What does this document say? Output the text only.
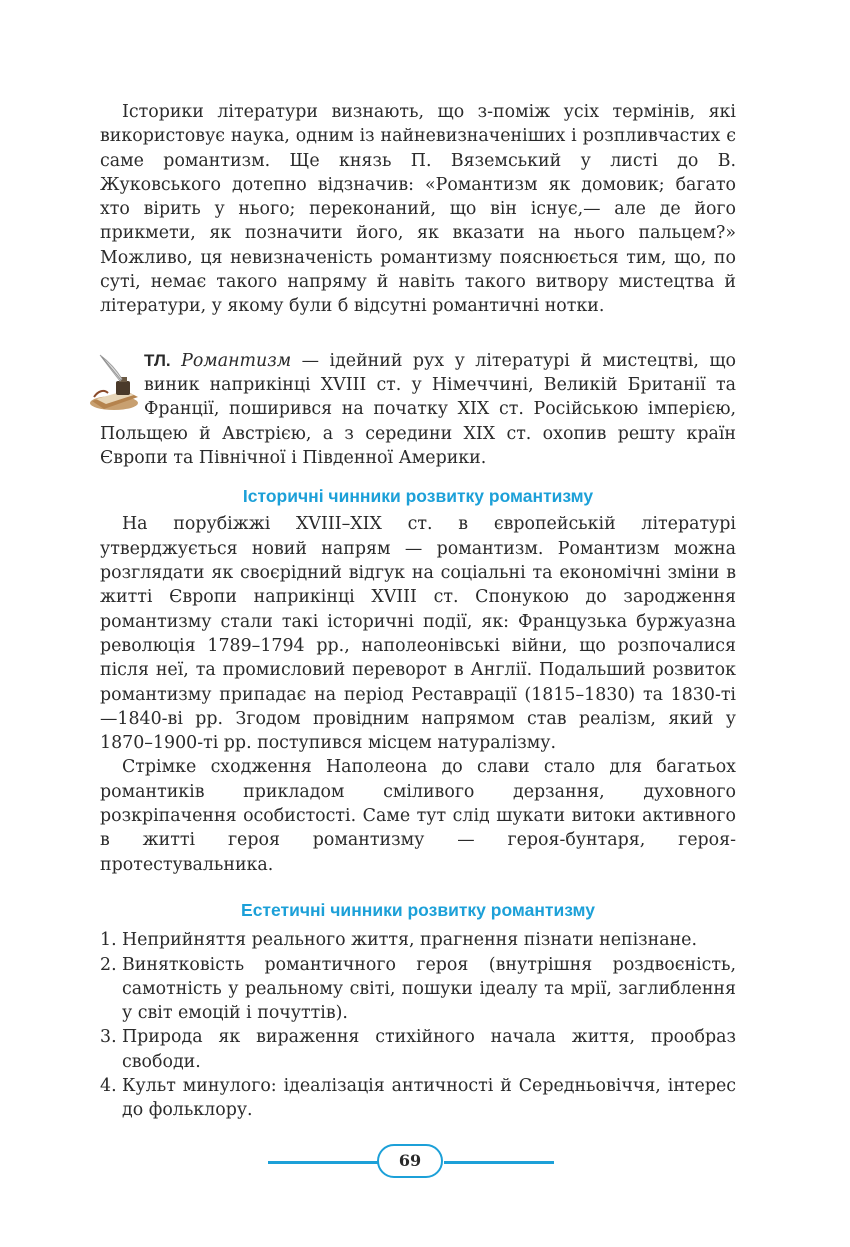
Історики літератури визнають, що з-поміж усіх термінів, які використовує наука, одним із найневизначеніших і розпливчастих є саме романтизм. Ще князь П. Вяземський у листі до В. Жуковського дотепно відзначив: «Романтизм як домовик; багато хто вірить у нього; переконаний, що він існує,— але де його прикмети, як позначити його, як вказати на нього пальцем?» Можливо, ця невизначеність романтизму пояснюється тим, що, по суті, немає такого напряму й навіть такого витвору мистецтва й літератури, у якому були б відсутні романтичні нотки.

ТЛ. Романтизм — ідейний рух у літературі й мистецтві, що виник наприкінці XVIII ст. у Німеччині, Великій Британії та Франції, поширився на початку XIX ст. Російською імперією, Польщею й Австрією, а з середини XIX ст. охопив решту країн Європи та Північної і Південної Америки.

Історичні чинники розвитку романтизму

На порубіжжі XVIII–XIX ст. в європейській літературі утверджується новий напрям — романтизм. Романтизм можна розглядати як своєрідний відгук на соціальні та економічні зміни в житті Європи наприкінці XVIII ст. Спонукою до зародження романтизму стали такі історичні події, як: Французька буржуазна революція 1789–1794 рр., наполеонівські війни, що розпочалися після неї, та промисловий переворот в Англії. Подальший розвиток романтизму припадає на період Реставрації (1815–1830) та 1830-ті—1840-ві рр. Згодом провідним напрямом став реалізм, який у 1870–1900-ті рр. поступився місцем натуралізму.

Стрімке сходження Наполеона до слави стало для багатьох романтиків прикладом сміливого дерзання, духовного розкріпачення особистості. Саме тут слід шукати витоки активного в житті героя романтизму — героя-бунтаря, героя-протестувальника.

Естетичні чинники розвитку романтизму
1. Неприйняття реального життя, прагнення пізнати непізнане.
2. Винятковість романтичного героя (внутрішня роздвоєність, самотність у реальному світі, пошуки ідеалу та мрії, заглиблення у світ емоцій і почуттів).
3. Природа як вираження стихійного начала життя, прообраз свободи.
4. Культ минулого: ідеалізація античності й Середньовіччя, інтерес до фольклору.
69
